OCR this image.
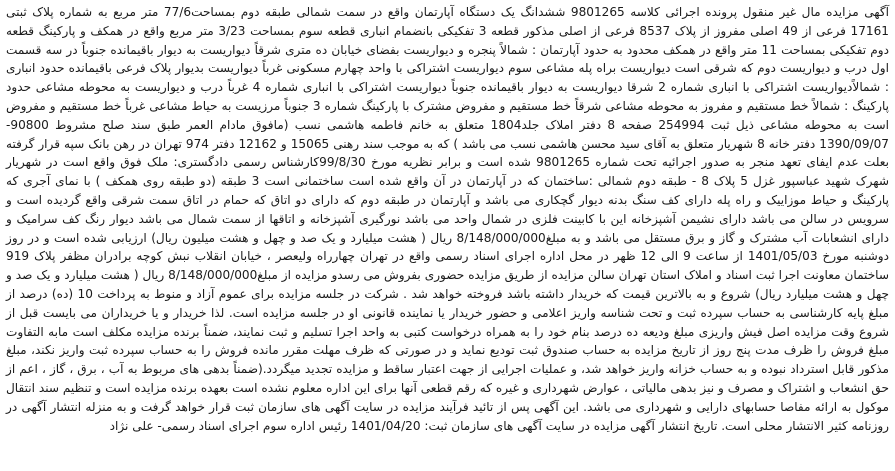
آگهی مزایده مال غیر منقول پرونده اجرائی کلاسه 9801265 ششدانگ یک دستگاه آپارتمان واقع در سمت شمالی طبقه دوم بمساحت77/6 متر مربع به شماره پلاک ثبتی 17161 فرعی از 49 اصلی مفروز از پلاک 8537 فرعی از اصلی مذکور قطعه 3 تفکیکی بانضمام انباری قطعه سوم بمساحت 3/23 متر مربع واقع در همکف و پارکینگ قطعه دوم تفکیکی بمساحت 11 متر واقع در همکف محدود به حدود آپارتمان : شمالاً پنجره و دیواریست بفضای خیابان ده متری شرقاً دیواریست به دیوار باقیمانده جنوباً در سه قسمت اول درب و دیواریست دوم که شرقی است دیواریست براه پله مشاعی سوم دیواریست اشتراکی با واحد چهارم مسکونی غرباً دیواریست بدیوار پلاک فرعی باقیمانده حدود انباری : شمالاًدیواریست اشتراکی با انباری شماره 2 شرقا دیواریست به دیوار باقیمانده جنوباً دیواریست اشتراکی با انباری شماره 4 غرباً درب و دیواریست به محوطه مشاعی حدود پارکینگ : شمالاً خط مستقیم و مفروز به محوطه مشاعی شرقاً خط مستقیم و مفروض مشترک با پارکینگ شماره 3 جنوباً مرزیست به حیاط مشاعی غرباً خط مستقیم و مفروض است به محوطه مشاعی ذیل ثبت 254994 صفحه 8 دفتر املاک جلد1804 متعلق به خانم فاطمه هاشمی نسب (مافوق مادام العمر طبق سند صلح مشروط 90800-1390/09/07 دفتر خانه 8 شهریار متعلق به آقای سید محسن هاشمی نسب می باشد ) که به موجب سند رهنی 15065 و 12162 دفتر 974 تهران در رهن بانک سپه قرار گرفته بعلت عدم ایفای تعهد منجر به صدور اجرائیه تحت شماره 9801265 شده است و برابر نظریه مورخ 99/8/30کارشناس رسمی دادگستری: ملک فوق واقع است در شهریار شهرک شهید عباسپور غزل 5 پلاک 8 - طبقه دوم شمالی :ساختمان که در آپارتمان در آن واقع شده است ساختمانی است 3 طبقه (دو طبقه روی همکف ) با نمای آجری که پارکینگ و حیاط موزاییک و راه پله دارای کف سنگ بدنه دیوار گچکاری می باشد و آپارتمان در طبقه دوم که دارای دو اتاق که حمام در اتاق سمت شرقی واقع گردیده است و سرویس در سالن می باشد دارای نشیمن آشپزخانه این با کابینت فلزی در شمال واحد می باشد نورگیری آشپزخانه و اتاقها از سمت شمال می باشد دیوار رنگ کف سرامیک و دارای انشعابات آب مشترک و گاز و برق مستقل می باشد و به مبلغ8/148/000/000 ریال ( هشت میلیارد و یک صد و چهل و هشت میلیون ریال) ارزیابی شده است و در روز دوشنبه مورخ 1401/05/03 از ساعت 9 الی 12 ظهر در محل اداره اجرای اسناد رسمی واقع در تهران چهارراه ولیعصر ، خیابان انقلاب نبش کوچه برادران مظفر پلاک 919 ساختمان معاونت اجرا ثبت اسناد و املاک استان تهران سالن مزایده از طریق مزایده حضوری بفروش می رسدو مزایده از مبلغ8/148/000/000 ریال ( هشت میلیارد و یک صد و چهل و هشت میلیارد ریال) شروع و به بالاترین قیمت که خریدار داشته باشد فروخته خواهد شد . شرکت در جلسه مزایده برای عموم آزاد و منوط به پرداخت 10 (ده) درصد از مبلغ پایه کارشناسی به حساب سپرده ثبت و تحت شناسه واریز اعلامی و حضور خریدار یا نماینده قانونی او در جلسه مزایده است. لذا خریدار و یا خریداران می بایست قبل از شروع وقت مزایده اصل فیش واریزی مبلغ ودیعه ده درصد بنام خود را به همراه درخواست کتبی به واحد اجرا تسلیم و ثبت نمایند، ضمناً برنده مزایده مکلف است مابه التفاوت مبلغ فروش را ظرف مدت پنج روز از تاریخ مزایده به حساب صندوق ثبت تودیع نماید و در صورتی که ظرف مهلت مقرر مانده فروش را به حساب سپرده ثبت واریز نکند، مبلغ مذکور قابل استرداد نبوده و به حساب خزانه واریز خواهد شد، و عملیات اجرایی از جهت اعتبار ساقط و مزایده تجدید میگردد.(ضمناً بدهی های مربوط به آب ، برق ، گاز ، اعم از حق انشعاب و اشتراک و مصرف و نیز بدهی مالیاتی ، عوارض شهرداری و غیره که رقم قطعی آنها برای این اداره معلوم نشده است بعهده برنده مزایده است و تنظیم سند انتقال موکول به ارائه مفاصا حسابهای دارایی و شهرداری می باشد. این آگهی پس از تائید فرآیند مزایده در سایت آگهی های سازمان ثبت قرار خواهد گرفت و به منزله انتشار آگهی در روزنامه کثیر الانتشار محلی است. تاریخ انتشار آگهی مزایده در سایت آگهی های سازمان ثبت: 1401/04/20 رئیس اداره سوم اجرای اسناد رسمی- علی نژاد
